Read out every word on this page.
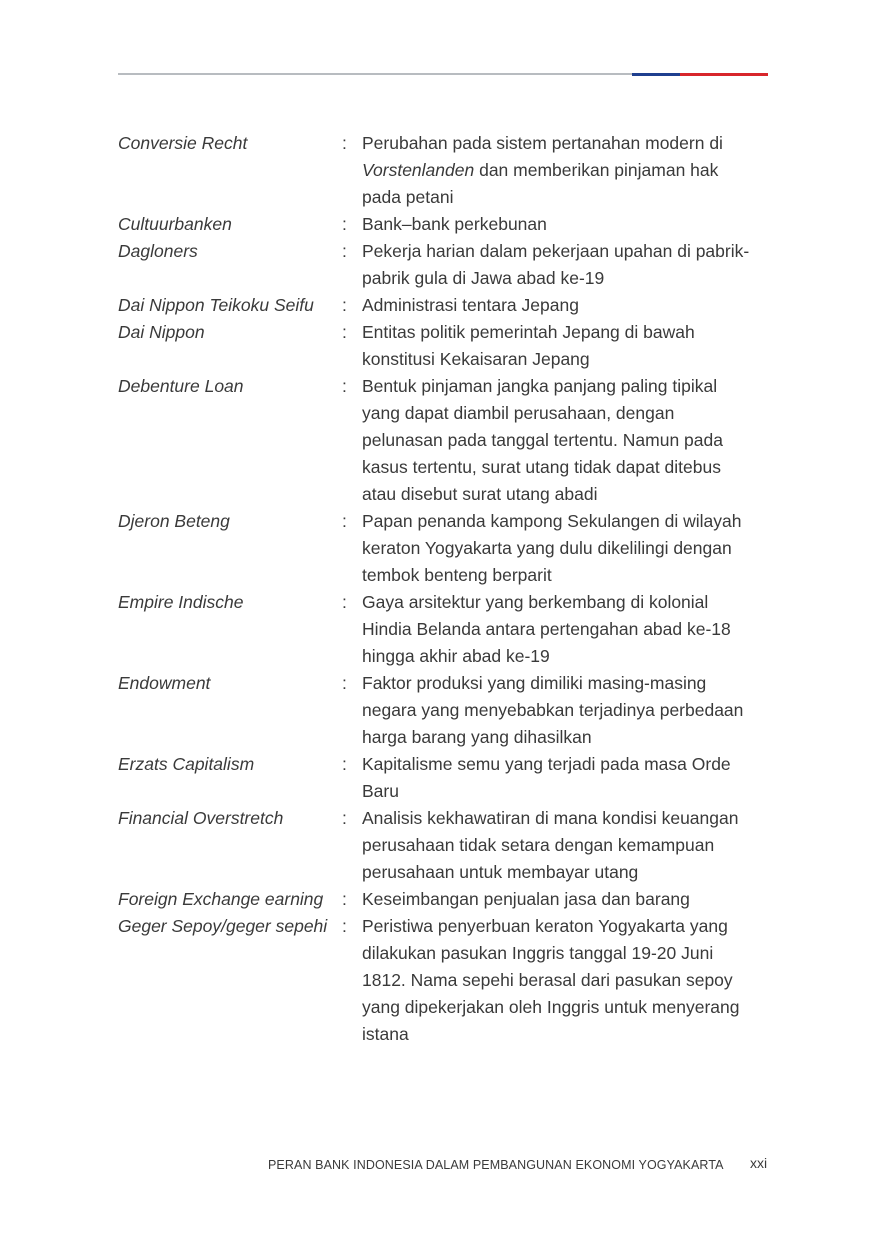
Conversie Recht	: Perubahan pada sistem pertanahan modern di Vorstenlanden dan memberikan pinjaman hak pada petani
Cultuurbanken	: Bank–bank perkebunan
Dagloners	: Pekerja harian dalam pekerjaan upahan di pabrik-pabrik gula di Jawa abad ke-19
Dai Nippon Teikoku Seifu	: Administrasi tentara Jepang
Dai Nippon	: Entitas politik pemerintah Jepang di bawah konstitusi Kekaisaran Jepang
Debenture Loan	: Bentuk pinjaman jangka panjang paling tipikal yang dapat diambil perusahaan, dengan pelunasan pada tanggal tertentu. Namun pada kasus tertentu, surat utang tidak dapat ditebus atau disebut surat utang abadi
Djeron Beteng	: Papan penanda kampong Sekulangen di wilayah keraton Yogyakarta yang dulu dikelilingi dengan tembok benteng berparit
Empire Indische	: Gaya arsitektur yang berkembang di kolonial Hindia Belanda antara pertengahan abad ke-18 hingga akhir abad ke-19
Endowment	: Faktor produksi yang dimiliki masing-masing negara yang menyebabkan terjadinya perbedaan harga barang yang dihasilkan
Erzats Capitalism	: Kapitalisme semu yang terjadi pada masa Orde Baru
Financial Overstretch	: Analisis kekhawatiran di mana kondisi keuangan perusahaan tidak setara dengan kemampuan perusahaan untuk membayar utang
Foreign Exchange earning	: Keseimbangan penjualan jasa dan barang
Geger Sepoy/geger sepehi : Peristiwa penyerbuan keraton Yogyakarta yang dilakukan pasukan Inggris tanggal 19-20 Juni 1812. Nama sepehi berasal dari pasukan sepoy yang dipekerjakan oleh Inggris untuk menyerang istana
PERAN BANK INDONESIA DALAM PEMBANGUNAN EKONOMI YOGYAKARTA xxi
